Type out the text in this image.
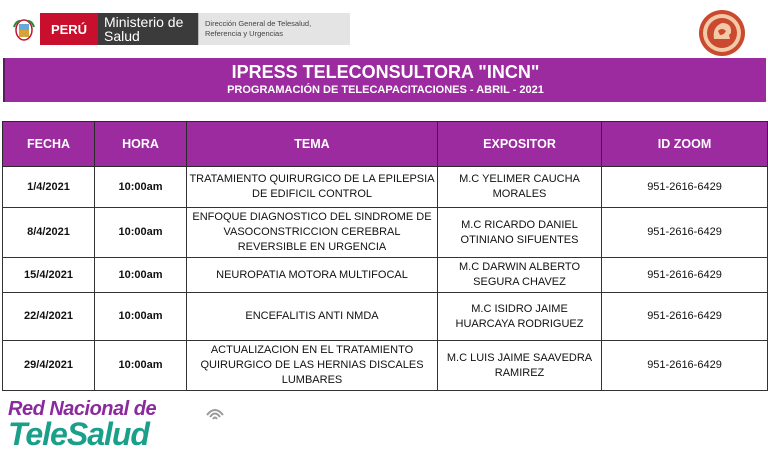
PERÚ	Ministerio de Salud
Dirección General de Telesalud, Referencia y Urgencias
IPRESS TELECONSULTORA "INCN"
PROGRAMACIÓN DE TELECAPACITACIONES - ABRIL - 2021
FECHA	HORA	TEMA	EXPOSITOR	ID ZOOM
1/4/2021	10:00am	TRATAMIENTO QUIRURGICO DE LA EPILEPSIA DE EDIFICIL CONTROL	M.C YELIMER CAUCHA MORALES	951-2616-6429
8/4/2021	10:00am	ENFOQUE DIAGNOSTICO DEL SINDROME DE VASOCONSTRICCION CEREBRAL REVERSIBLE EN URGENCIA	M.C RICARDO DANIEL OTINIANO SIFUENTES	951-2616-6429
15/4/2021	10:00am	NEUROPATIA MOTORA MULTIFOCAL	M.C DARWIN ALBERTO SEGURA CHAVEZ	951-2616-6429
22/4/2021	10:00am	ENCEFALITIS ANTI NMDA	M.C ISIDRO JAIME HUARCAYA RODRIGUEZ	951-2616-6429
29/4/2021	10:00am	ACTUALIZACION EN EL TRATAMIENTO QUIRURGICO DE LAS HERNIAS DISCALES LUMBARES	M.C LUIS JAIME SAAVEDRA RAMIREZ	951-2616-6429
Red Nacional de
TeleSalud
